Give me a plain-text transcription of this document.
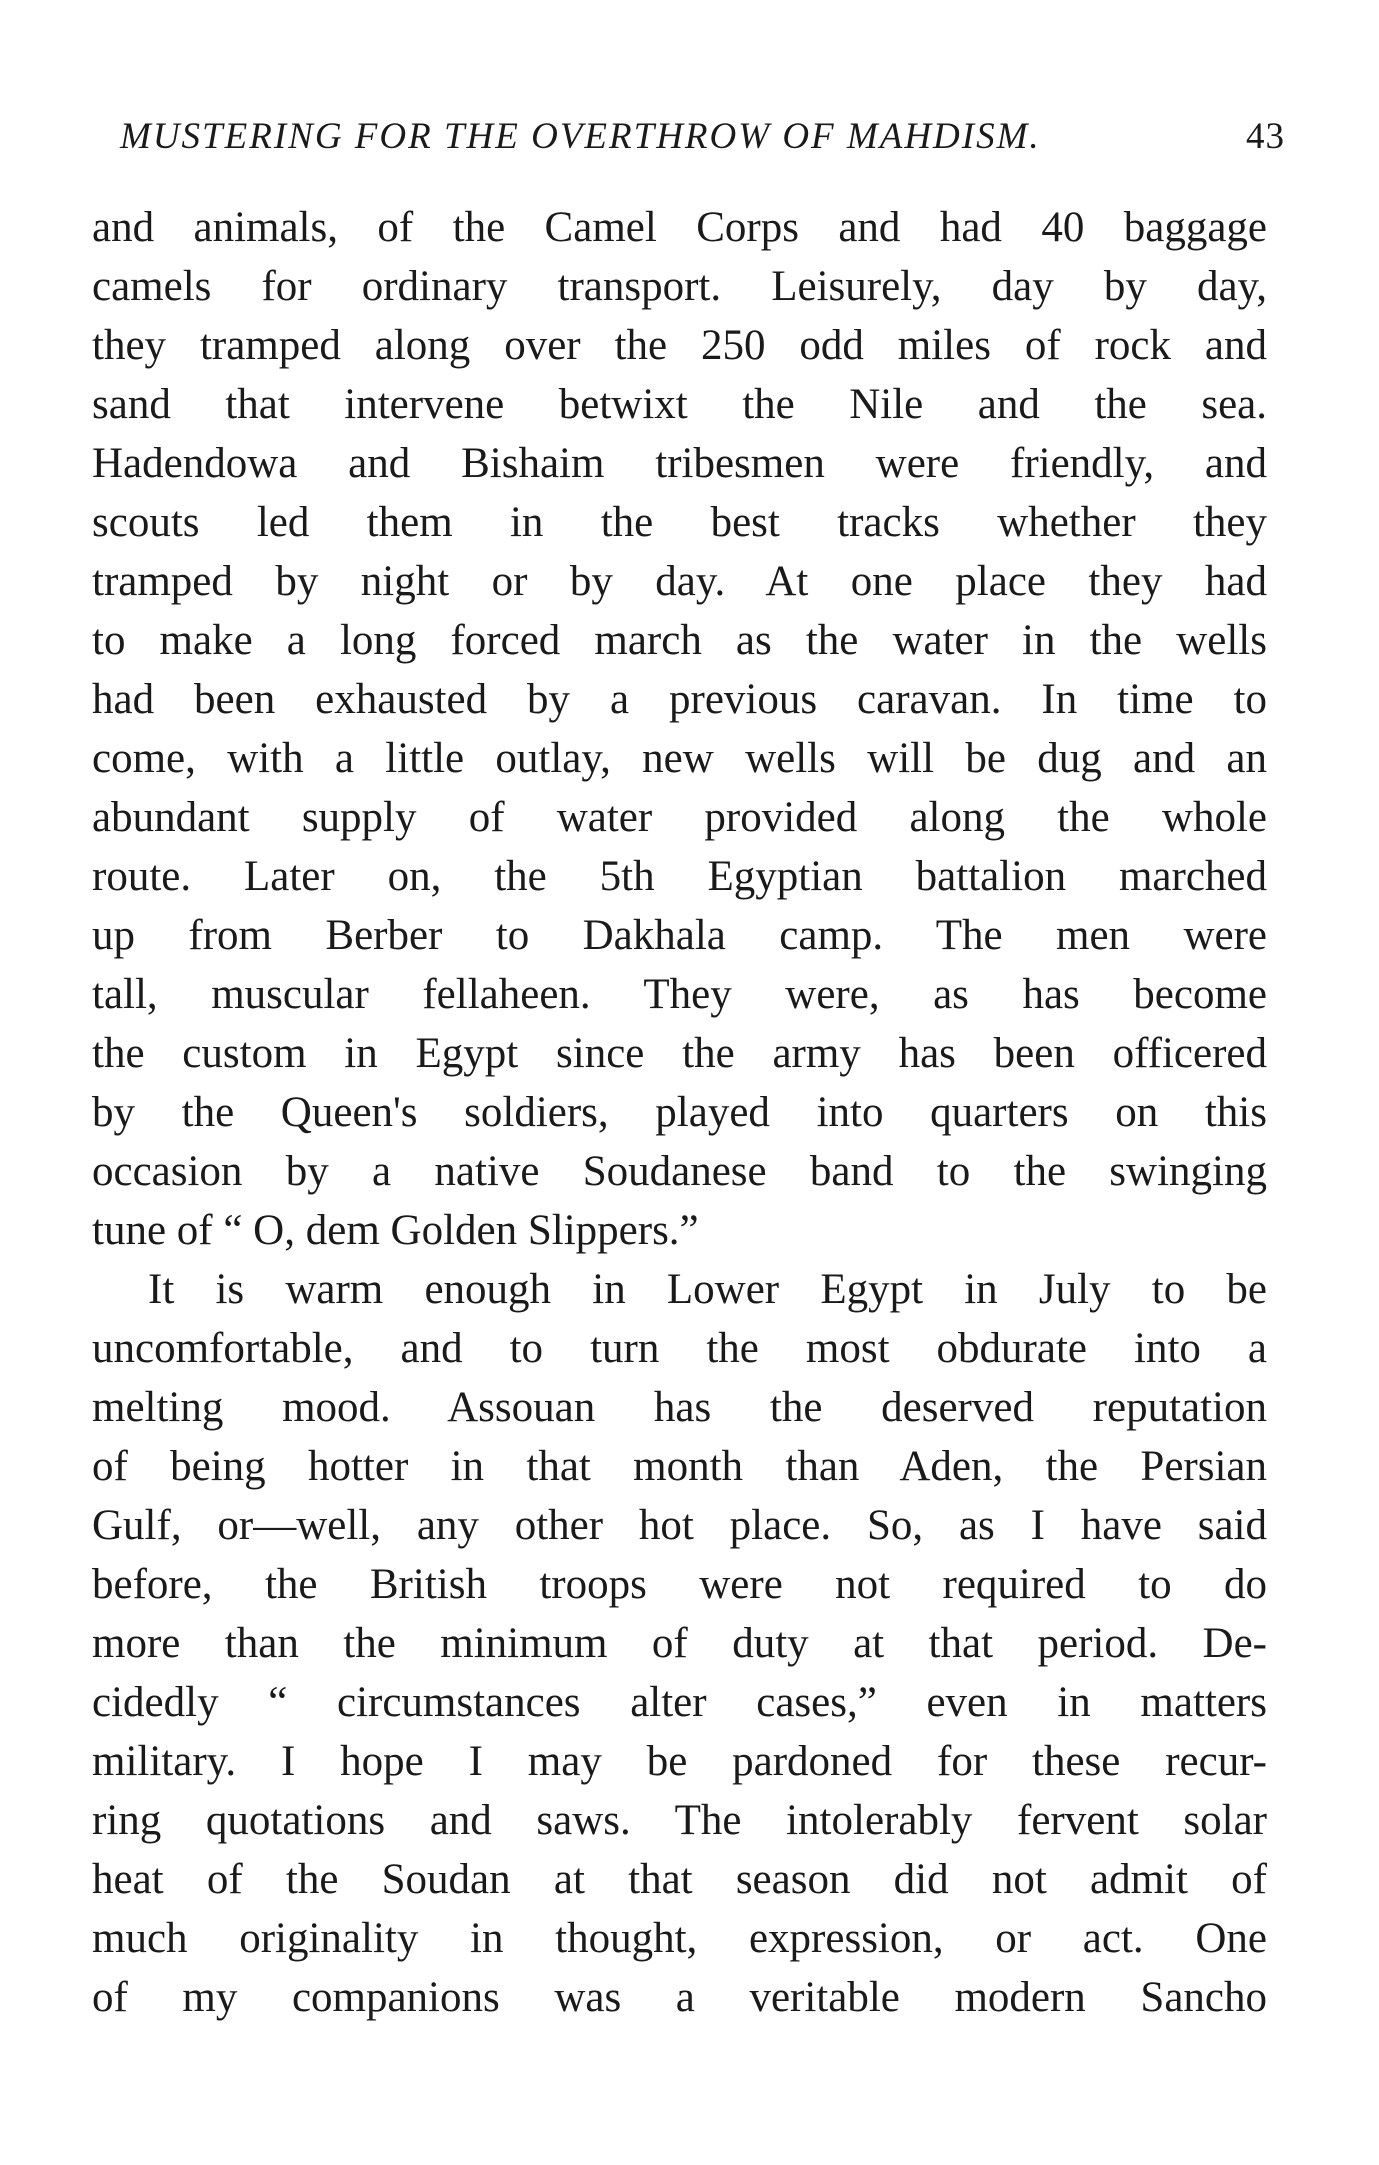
MUSTERING FOR THE OVERTHROW OF MAHDISM.	43
and animals, of the Camel Corps and had 40 baggage
camels for ordinary transport. Leisurely, day by day,
they tramped along over the 250 odd miles of rock and
sand that intervene betwixt the Nile and the sea.
Hadendowa and Bishaim tribesmen were friendly, and
scouts led them in the best tracks whether they
tramped by night or by day. At one place they had
to make a long forced march as the water in the wells
had been exhausted by a previous caravan. In time to
come, with a little outlay, new wells will be dug and an
abundant supply of water provided along the whole
route. Later on, the 5th Egyptian battalion marched
up from Berber to Dakhala camp. The men were
tall, muscular fellaheen. They were, as has become
the custom in Egypt since the army has been officered
by the Queen's soldiers, played into quarters on this
occasion by a native Soudanese band to the swinging
tune of “ O, dem Golden Slippers.”
It is warm enough in Lower Egypt in July to be
uncomfortable, and to turn the most obdurate into a
melting mood. Assouan has the deserved reputation
of being hotter in that month than Aden, the Persian
Gulf, or—well, any other hot place. So, as I have said
before, the British troops were not required to do
more than the minimum of duty at that period. De-
cidedly “ circumstances alter cases,” even in matters
military. I hope I may be pardoned for these recur-
ring quotations and saws. The intolerably fervent solar
heat of the Soudan at that season did not admit of
much originality in thought, expression, or act. One
of my companions was a veritable modern Sancho
